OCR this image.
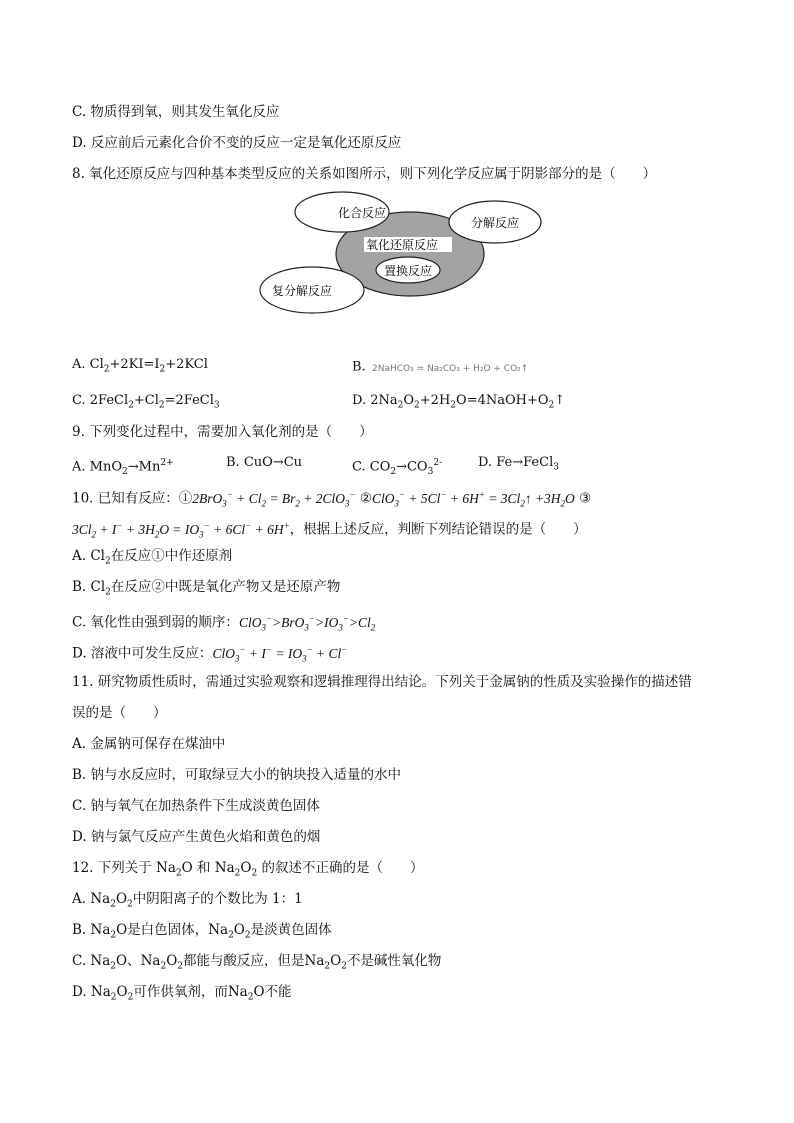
C. 物质得到氧，则其发生氧化反应
D. 反应前后元素化合价不变的反应一定是氧化还原反应
8. 氧化还原反应与四种基本类型反应的关系如图所示，则下列化学反应属于阴影部分的是（　　）
化合反应
分解反应
氧化还原反应
置换反应
复分解反应
A. $Cl_2+2KI=I_2+2KCl$	B. 2NaHCO₃ = Na₂CO₃ + H₂O + CO₂↑
C. $2FeCl_2+Cl_2=2FeCl_3$	D. $2Na_2O_2+2H_2O=4NaOH+O_2↑$
9. 下列变化过程中，需要加入氧化剂的是（　　）
A. $MnO_2\to Mn^{2+}$	B. CuO→Cu	C. $CO_2\to CO_3^{2-}$	D. Fe→FeCl$_3$
10. 已知有反应：①2BrO$_3$− + $Cl_2 = Br_2 + 2ClO_3^-$ ②ClO$_3$− + $5Cl^- + 6H^+ = 3Cl_2↑ +3H_2O$ ③
$3Cl_2 + I^- + 3H_2O = IO_3^- + 6Cl^- + 6H^+$，根据上述反应，判断下列结论错误的是（　　）
A. $Cl_2$在反应①中作还原剂
B. $Cl_2$在反应②中既是氧化产物又是还原产物
C. 氧化性由强到弱的顺序：$ClO_3^->BrO_3^->IO_3^->Cl_2$
D. 溶液中可发生反应：$ClO_3^- + I^- = IO_3^- + Cl^-$
11. 研究物质性质时，需通过实验观察和逻辑推理得出结论。下列关于金属钠的性质及实验操作的描述错
误的是（　　）
A. 金属钠可保存在煤油中
B. 钠与水反应时，可取绿豆大小的钠块投入适量的水中
C. 钠与氧气在加热条件下生成淡黄色固体
D. 钠与氯气反应产生黄色火焰和黄色的烟
12. 下列关于 $Na_2O$ 和 $Na_2O_2$ 的叙述不正确的是（　　）
A. $Na_2O_2$中阴阳离子的个数比为 1：1
B. $Na_2O$是白色固体，$Na_2O_2$是淡黄色固体
C. $Na_2O$、$Na_2O_2$都能与酸反应，但是$Na_2O_2$不是碱性氧化物
D. $Na_2O_2$可作供氧剂，而$Na_2O$不能
